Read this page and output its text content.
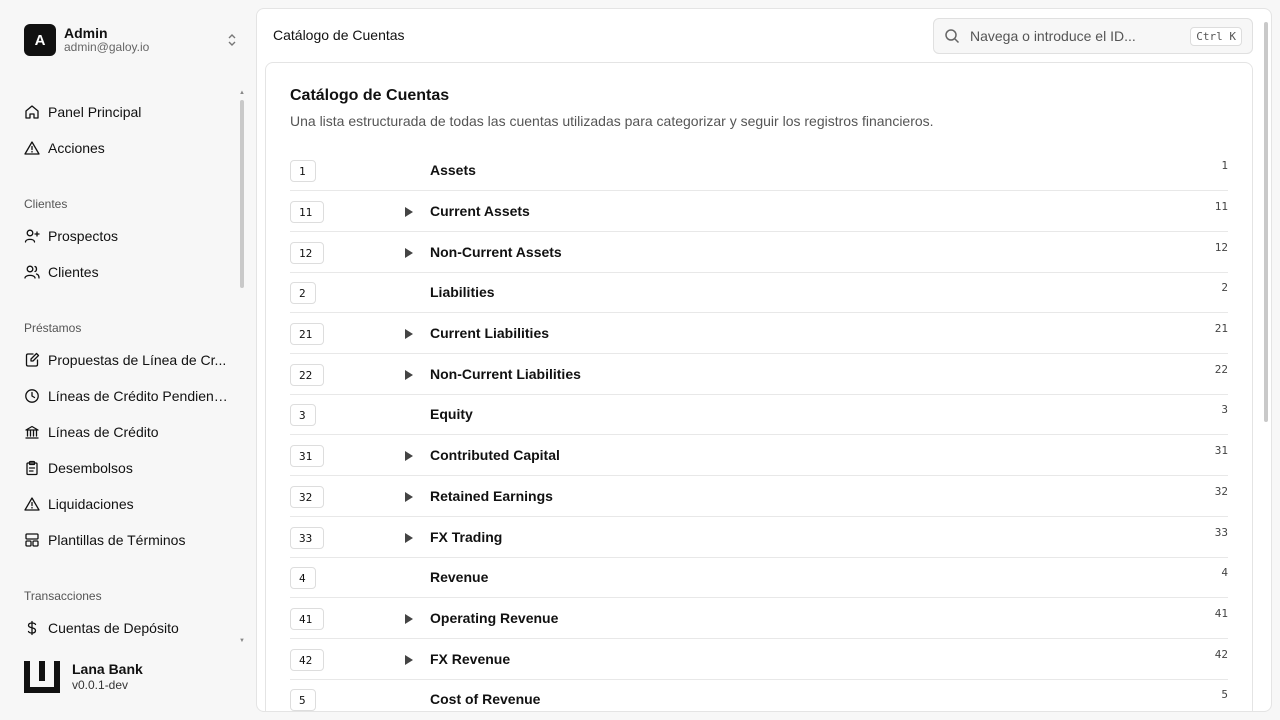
A	Admin
admin@galoy.io
Panel Principal
Acciones
Clientes
Prospectos
Clientes
Préstamos
Propuestas de Línea de Cr...
Líneas de Crédito Pendient...
Líneas de Crédito
Desembolsos
Liquidaciones
Plantillas de Términos
Transacciones
Cuentas de Depósito
▲
▼
Lana Bank
v0.0.1-dev
Catálogo de Cuentas
Navega o introduce el ID...	Ctrl K
Catálogo de Cuentas

Una lista estructurada de todas las cuentas utilizadas para categorizar y seguir los registros financieros.

1	Assets	1
11	Current Assets	11
12	Non-Current Assets	12
2	Liabilities	2
21	Current Liabilities	21
22	Non-Current Liabilities	22
3	Equity	3
31	Contributed Capital	31
32	Retained Earnings	32
33	FX Trading	33
4	Revenue	4
41	Operating Revenue	41
42	FX Revenue	42
5	Cost of Revenue	5
